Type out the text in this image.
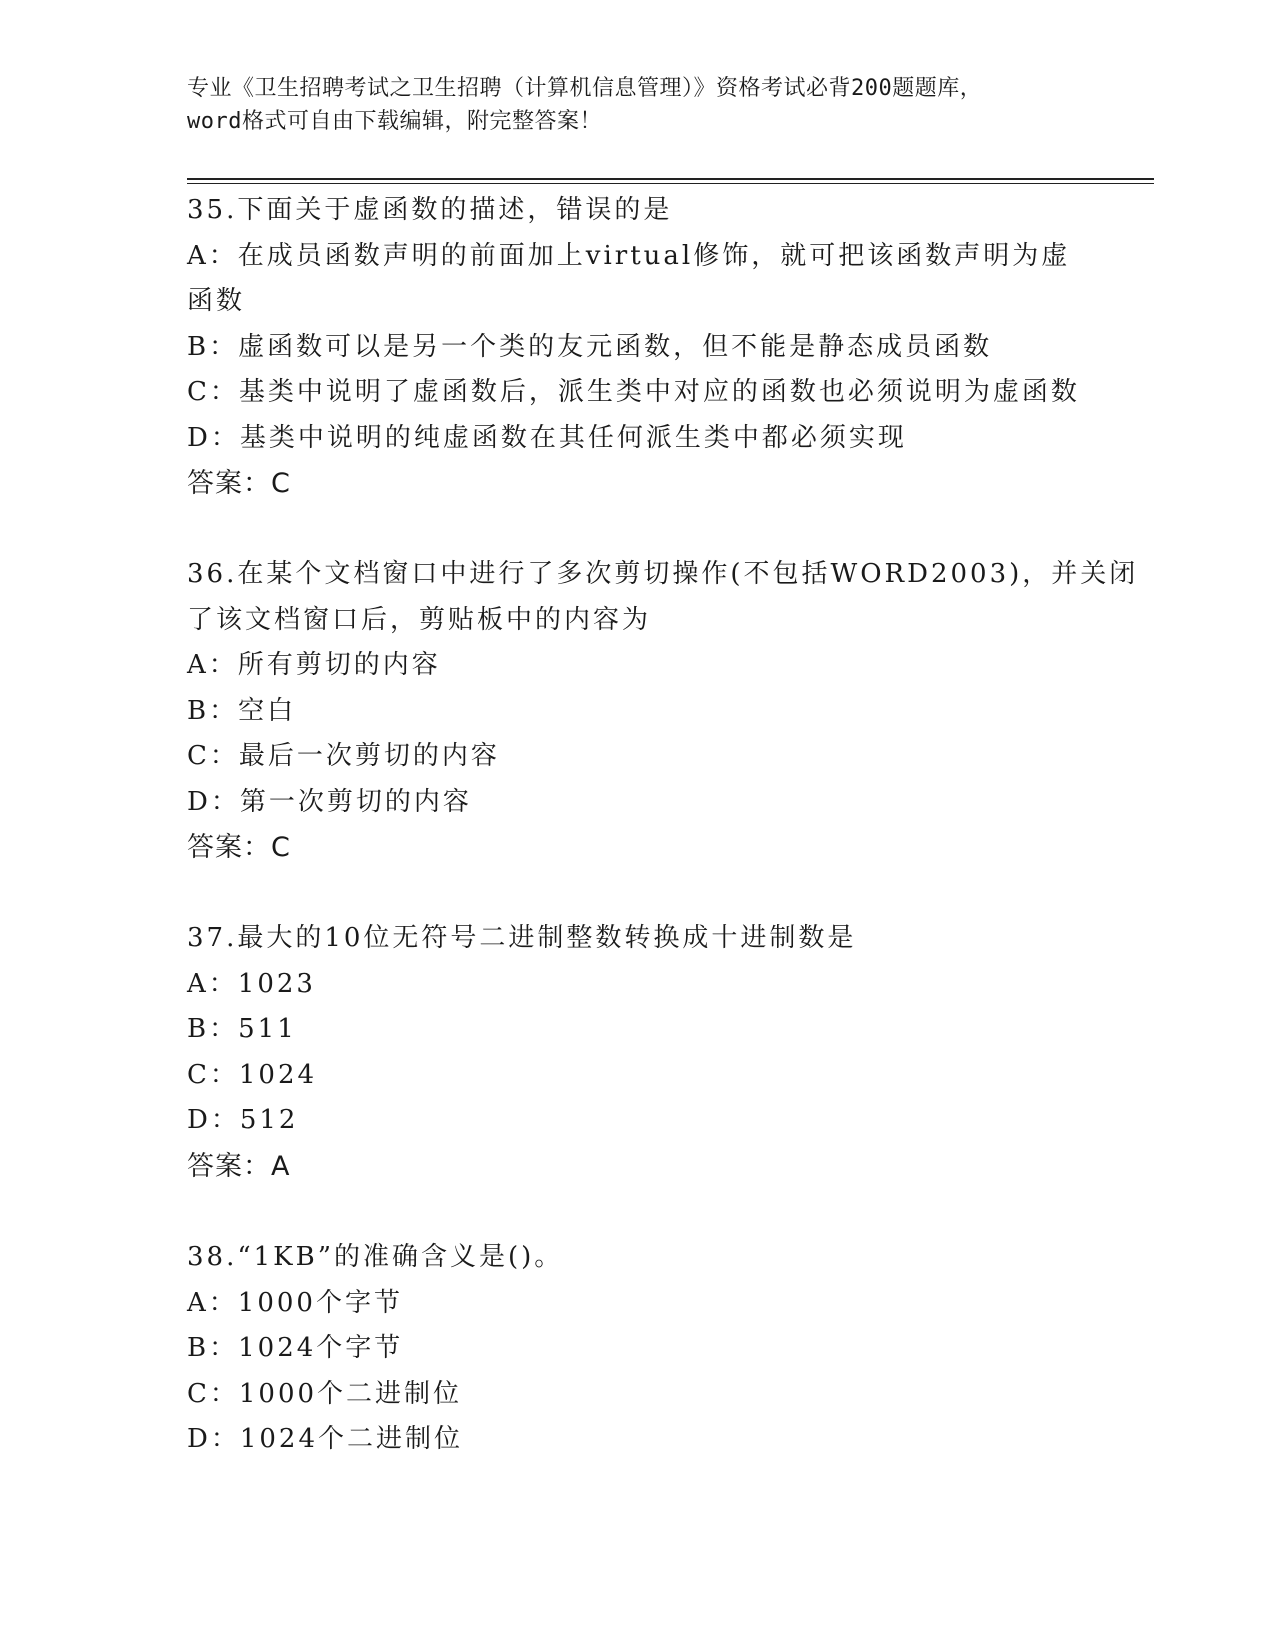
专业《卫生招聘考试之卫生招聘（计算机信息管理）》资格考试必背200题题库，
word格式可自由下载编辑，附完整答案！
35.下面关于虚函数的描述，错误的是
A：在成员函数声明的前面加上virtual修饰，就可把该函数声明为虚
函数
B：虚函数可以是另一个类的友元函数，但不能是静态成员函数
C：基类中说明了虚函数后，派生类中对应的函数也必须说明为虚函数
D：基类中说明的纯虚函数在其任何派生类中都必须实现
答案：C
36.在某个文档窗口中进行了多次剪切操作(不包括WORD2003)，并关闭
了该文档窗口后，剪贴板中的内容为
A：所有剪切的内容
B：空白
C：最后一次剪切的内容
D：第一次剪切的内容
答案：C
37.最大的10位无符号二进制整数转换成十进制数是
A：1023
B：511
C：1024
D：512
答案：A
38.“1KB”的准确含义是()。
A：1000个字节
B：1024个字节
C：1000个二进制位
D：1024个二进制位
